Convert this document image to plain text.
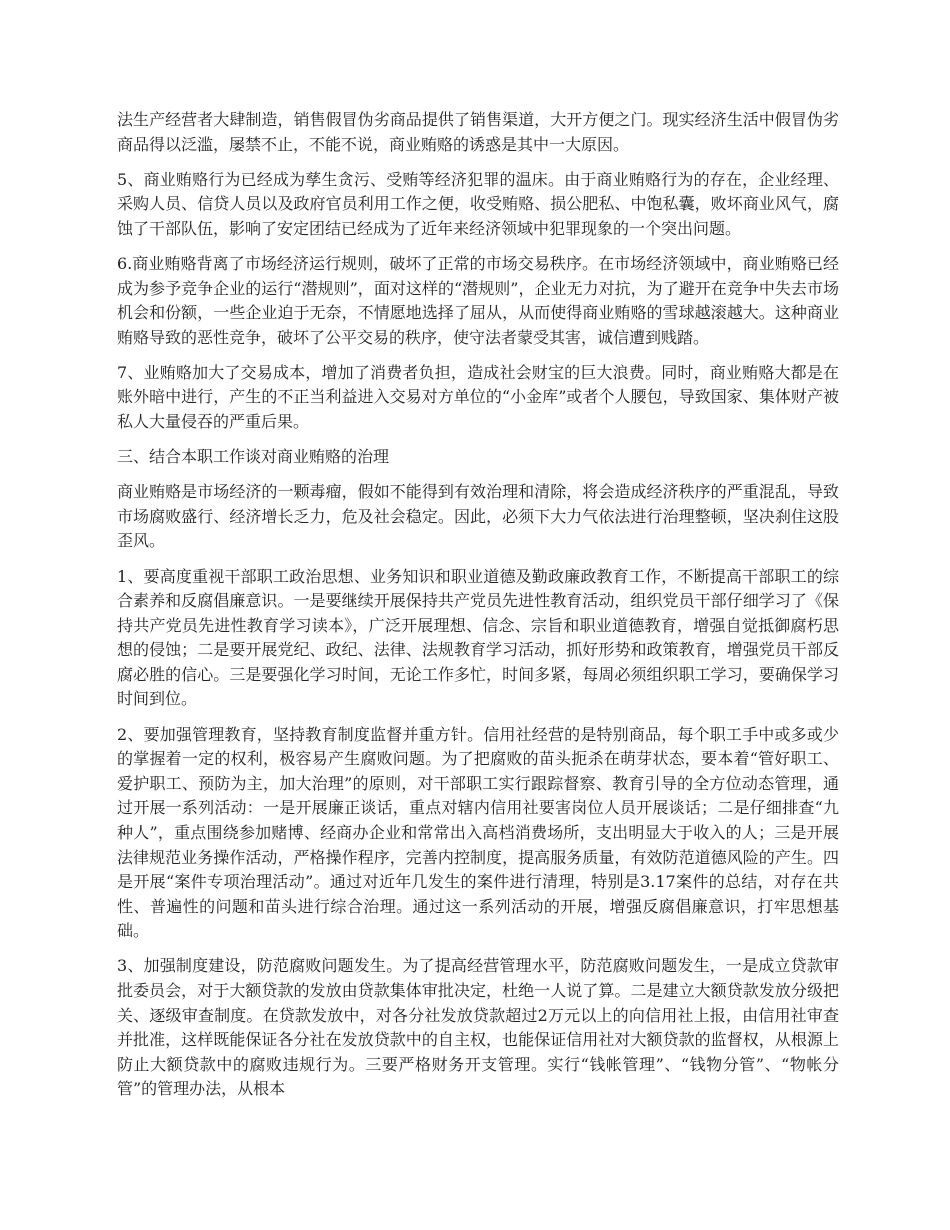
法生产经营者大肆制造，销售假冒伪劣商品提供了销售渠道，大开方便之门。现实经济生活中假冒伪劣商品得以泛滥，屡禁不止，不能不说，商业贿赂的诱惑是其中一大原因。

5、商业贿赂行为已经成为孳生贪污、受贿等经济犯罪的温床。由于商业贿赂行为的存在，企业经理、采购人员、信贷人员以及政府官员利用工作之便，收受贿赂、损公肥私、中饱私囊，败坏商业风气，腐蚀了干部队伍，影响了安定团结已经成为了近年来经济领域中犯罪现象的一个突出问题。

6.商业贿赂背离了市场经济运行规则，破坏了正常的市场交易秩序。在市场经济领域中，商业贿赂已经成为参予竞争企业的运行“潜规则”，面对这样的“潜规则”，企业无力对抗，为了避开在竞争中失去市场机会和份额，一些企业迫于无奈，不情愿地选择了屈从，从而使得商业贿赂的雪球越滚越大。这种商业贿赂导致的恶性竞争，破坏了公平交易的秩序，使守法者蒙受其害，诚信遭到贱踏。

7、业贿赂加大了交易成本，增加了消费者负担，造成社会财宝的巨大浪费。同时，商业贿赂大都是在账外暗中进行，产生的不正当利益进入交易对方单位的“小金库”或者个人腰包，导致国家、集体财产被私人大量侵吞的严重后果。

三、结合本职工作谈对商业贿赂的治理

商业贿赂是市场经济的一颗毒瘤，假如不能得到有效治理和清除，将会造成经济秩序的严重混乱，导致市场腐败盛行、经济增长乏力，危及社会稳定。因此，必须下大力气依法进行治理整顿，坚决刹住这股歪风。

1、要高度重视干部职工政治思想、业务知识和职业道德及勤政廉政教育工作，不断提高干部职工的综合素养和反腐倡廉意识。一是要继续开展保持共产党员先进性教育活动，组织党员干部仔细学习了《保持共产党员先进性教育学习读本》，广泛开展理想、信念、宗旨和职业道德教育，增强自觉抵御腐朽思想的侵蚀；二是要开展党纪、政纪、法律、法规教育学习活动，抓好形势和政策教育，增强党员干部反腐必胜的信心。三是要强化学习时间，无论工作多忙，时间多紧，每周必须组织职工学习，要确保学习时间到位。

2、要加强管理教育，坚持教育制度监督并重方针。信用社经营的是特别商品，每个职工手中或多或少的掌握着一定的权利，极容易产生腐败问题。为了把腐败的苗头扼杀在萌芽状态，要本着“管好职工、爱护职工、预防为主，加大治理”的原则，对干部职工实行跟踪督察、教育引导的全方位动态管理，通过开展一系列活动：一是开展廉正谈话，重点对辖内信用社要害岗位人员开展谈话；二是仔细排查“九种人”，重点围绕参加赌博、经商办企业和常常出入高档消费场所，支出明显大于收入的人；三是开展法律规范业务操作活动，严格操作程序，完善内控制度，提高服务质量，有效防范道德风险的产生。四是开展“案件专项治理活动”。通过对近年几发生的案件进行清理，特别是3.17案件的总结，对存在共性、普遍性的问题和苗头进行综合治理。通过这一系列活动的开展，增强反腐倡廉意识，打牢思想基础。

3、加强制度建设，防范腐败问题发生。为了提高经营管理水平，防范腐败问题发生，一是成立贷款审批委员会，对于大额贷款的发放由贷款集体审批决定，杜绝一人说了算。二是建立大额贷款发放分级把关、逐级审查制度。在贷款发放中，对各分社发放贷款超过2万元以上的向信用社上报，由信用社审查并批准，这样既能保证各分社在发放贷款中的自主权，也能保证信用社对大额贷款的监督权，从根源上防止大额贷款中的腐败违规行为。三要严格财务开支管理。实行“钱帐管理”、“钱物分管”、“物帐分管”的管理办法，从根本
